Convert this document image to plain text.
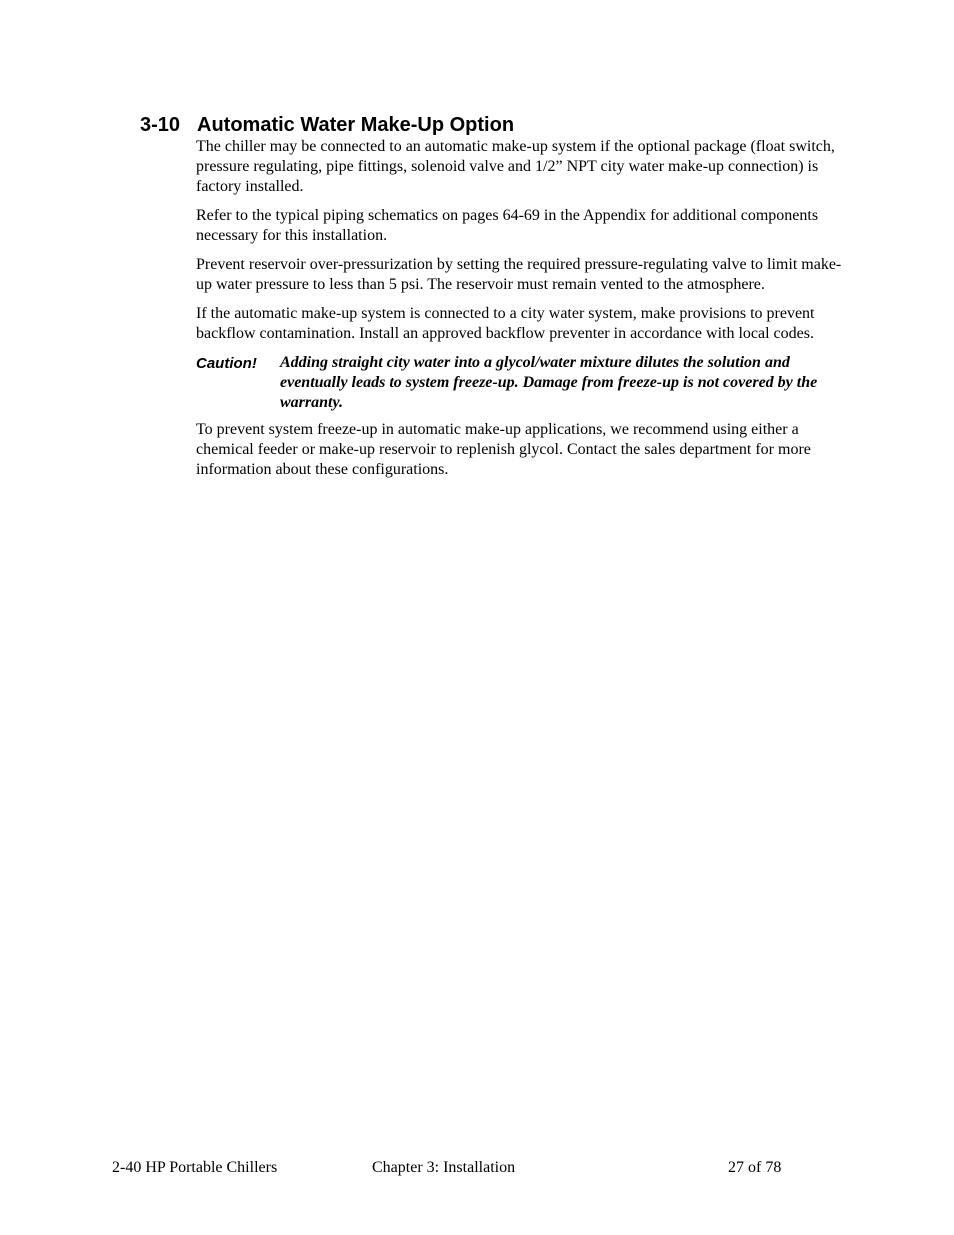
3-10 Automatic Water Make-Up Option

The chiller may be connected to an automatic make-up system if the optional package (float switch, pressure regulating, pipe fittings, solenoid valve and 1/2” NPT city water make-up connection) is factory installed.

Refer to the typical piping schematics on pages 64-69 in the Appendix for additional components necessary for this installation.

Prevent reservoir over-pressurization by setting the required pressure-regulating valve to limit make-up water pressure to less than 5 psi. The reservoir must remain vented to the atmosphere.

If the automatic make-up system is connected to a city water system, make provisions to prevent backflow contamination. Install an approved backflow preventer in accordance with local codes.

Caution!	Adding straight city water into a glycol/water mixture dilutes the solution and eventually leads to system freeze-up. Damage from freeze-up is not covered by the warranty.

To prevent system freeze-up in automatic make-up applications, we recommend using either a chemical feeder or make-up reservoir to replenish glycol. Contact the sales department for more information about these configurations.

2-40 HP Portable Chillers	Chapter 3: Installation	27 of 78
